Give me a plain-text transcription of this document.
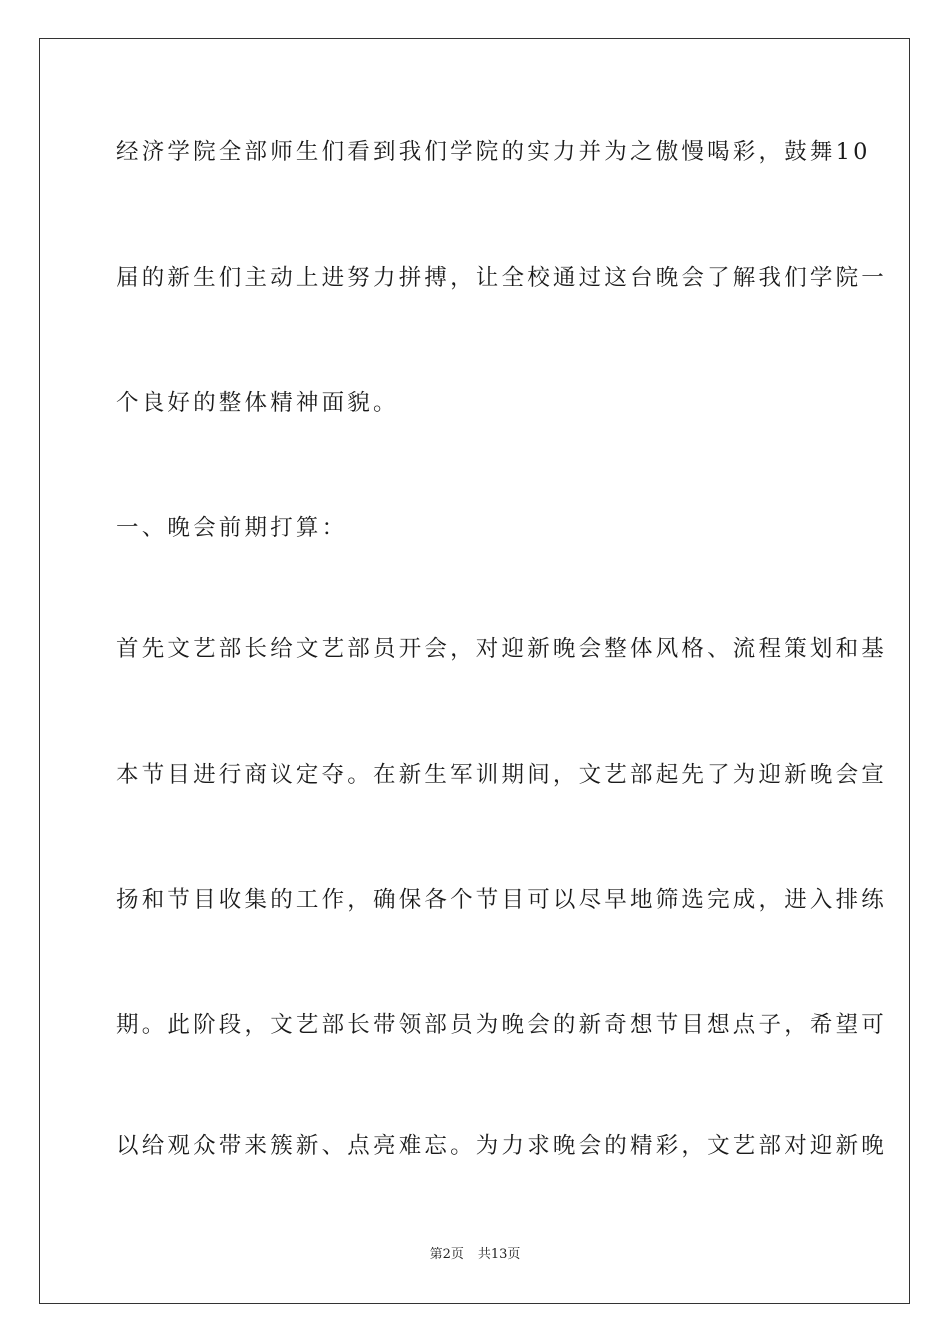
经济学院全部师生们看到我们学院的实力并为之傲慢喝彩，鼓舞10
届的新生们主动上进努力拼搏，让全校通过这台晚会了解我们学院一
个良好的整体精神面貌。
一、晚会前期打算：
首先文艺部长给文艺部员开会，对迎新晚会整体风格、流程策划和基
本节目进行商议定夺。在新生军训期间，文艺部起先了为迎新晚会宣
扬和节目收集的工作，确保各个节目可以尽早地筛选完成，进入排练
期。此阶段，文艺部长带领部员为晚会的新奇想节目想点子，希望可
以给观众带来簇新、点亮难忘。为力求晚会的精彩，文艺部对迎新晚
第2页 共13页
